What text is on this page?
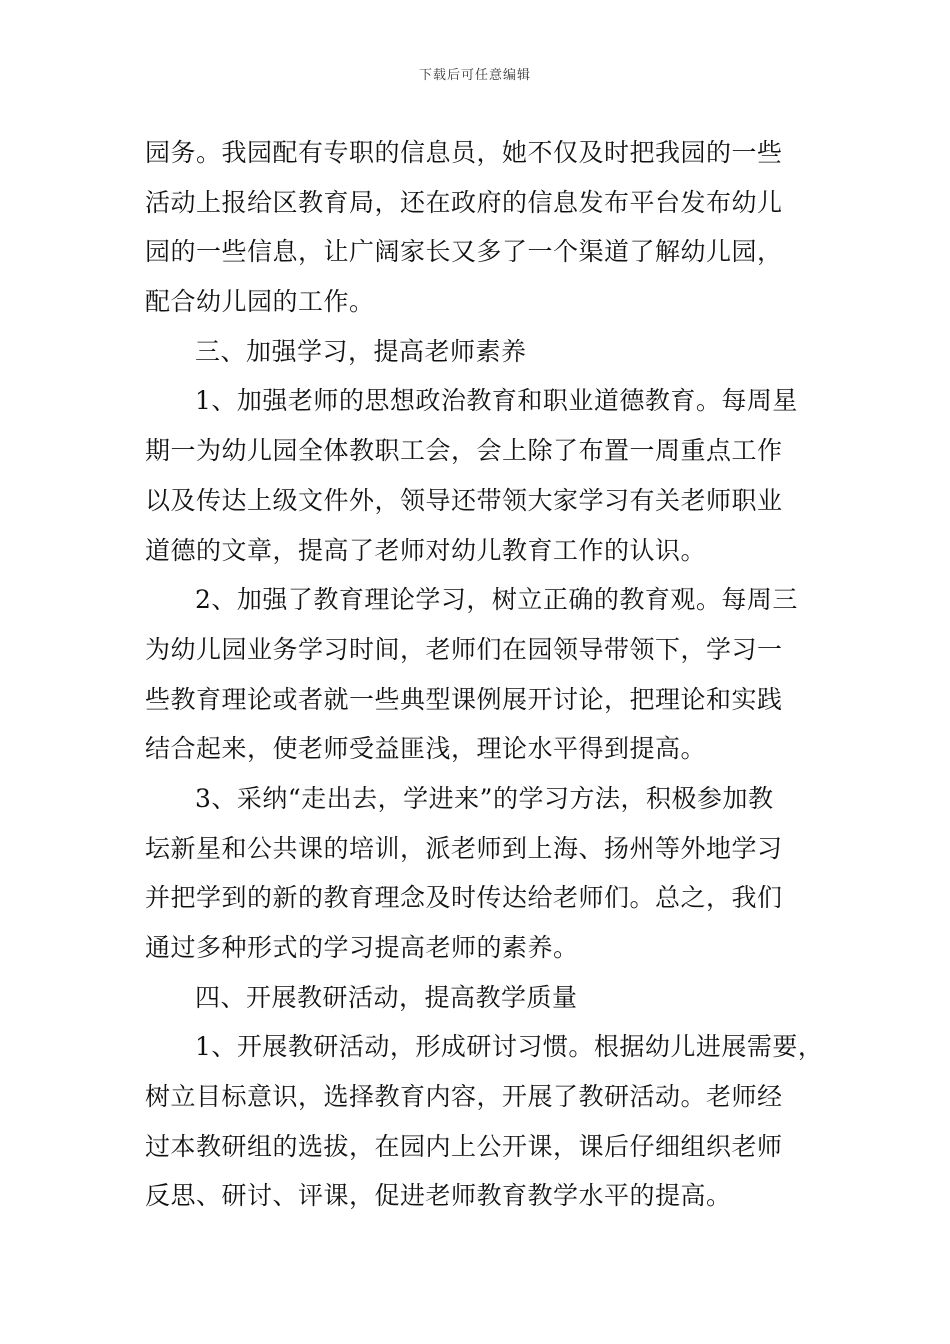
下载后可任意编辑
园务。我园配有专职的信息员，她不仅及时把我园的一些
活动上报给区教育局，还在政府的信息发布平台发布幼儿
园的一些信息，让广阔家长又多了一个渠道了解幼儿园，
配合幼儿园的工作。
三、加强学习，提高老师素养
1、加强老师的思想政治教育和职业道德教育。每周星
期一为幼儿园全体教职工会，会上除了布置一周重点工作
以及传达上级文件外，领导还带领大家学习有关老师职业
道德的文章，提高了老师对幼儿教育工作的认识。
2、加强了教育理论学习，树立正确的教育观。每周三
为幼儿园业务学习时间，老师们在园领导带领下，学习一
些教育理论或者就一些典型课例展开讨论，把理论和实践
结合起来，使老师受益匪浅，理论水平得到提高。
3、采纳“走出去，学进来”的学习方法，积极参加教
坛新星和公共课的培训，派老师到上海、扬州等外地学习
并把学到的新的教育理念及时传达给老师们。总之，我们
通过多种形式的学习提高老师的素养。
四、开展教研活动，提高教学质量
1、开展教研活动，形成研讨习惯。根据幼儿进展需要，
树立目标意识，选择教育内容，开展了教研活动。老师经
过本教研组的选拔，在园内上公开课，课后仔细组织老师
反思、研讨、评课，促进老师教育教学水平的提高。
